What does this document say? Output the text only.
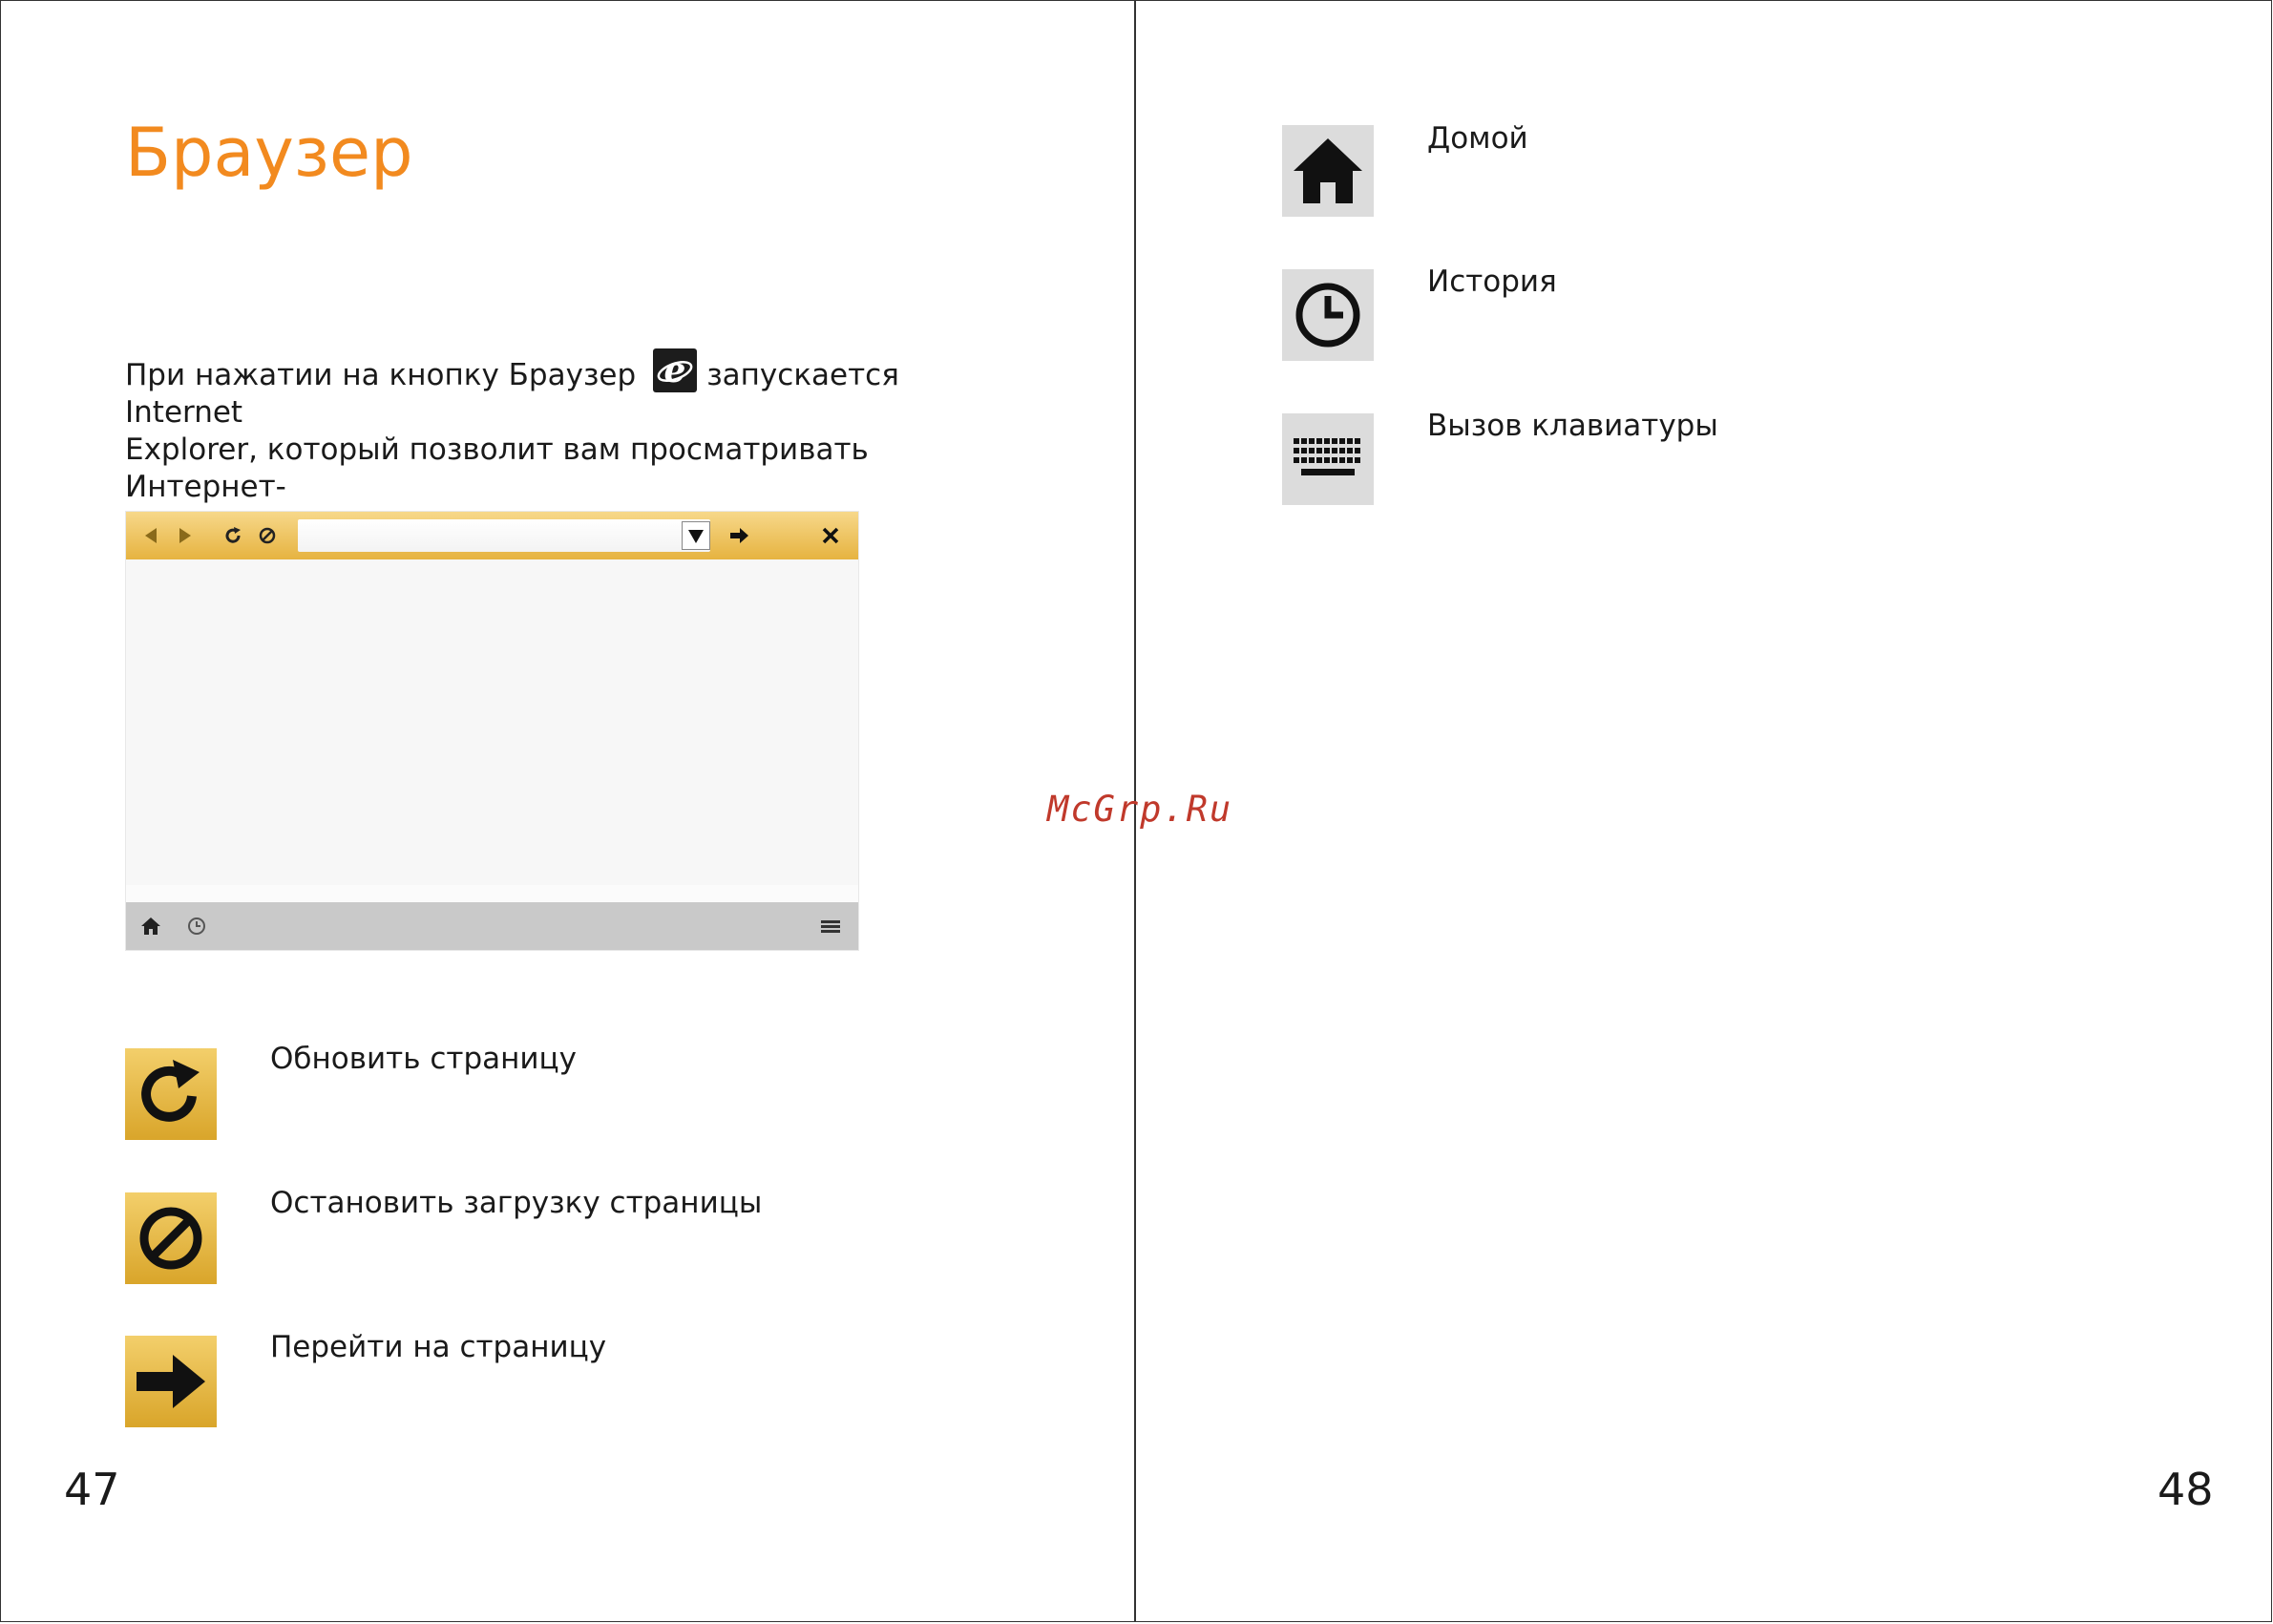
Браузер
При нажатии на кнопку Браузер e запускается Internet
Explorer, который позволит вам просматривать Интернет-

Обновить страницу

Остановить загрузку страницы

Перейти на страницу

47

Домой

История

Вызов клавиатуры

48

McGrp.Ru
